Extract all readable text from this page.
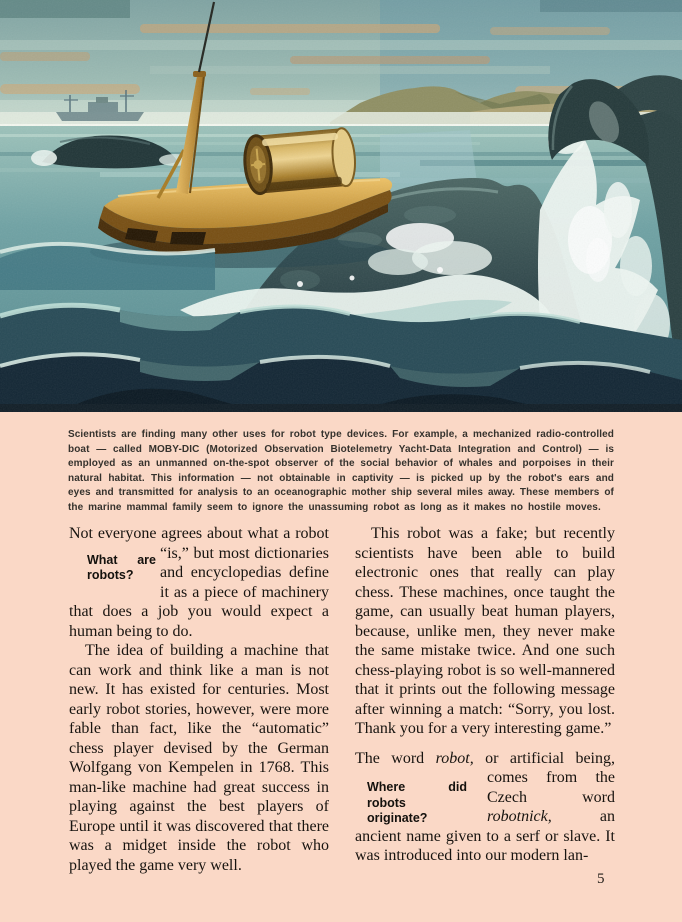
Scientists are finding many other uses for robot type devices. For example, a mechanized radio-controlled boat — called MOBY-DIC (Motorized Observation Biotelemetry Yacht-Data Integration and Control) — is employed as an unmanned on-the-spot observer of the social behavior of whales and porpoises in their natural habitat. This information — not obtainable in captivity — is picked up by the robot's ears and eyes and transmitted for analysis to an oceanographic mother ship several miles away. These members of the marine mammal family seem to ignore the unassuming robot as long as it makes no hostile moves.

Not everyone agrees about what a robot
What are robots?
“is,” but most dictionaries and encyclopedias define it as a piece of machinery that does a job you would expect a human being to do.

The idea of building a machine that can work and think like a man is not new. It has existed for centuries. Most early robot stories, however, were more fable than fact, like the “automatic” chess player devised by the German Wolfgang von Kempelen in 1768. This man-like machine had great success in playing against the best players of Europe until it was discovered that there was a midget inside the robot who played the game very well.

This robot was a fake; but recently scientists have been able to build electronic ones that really can play chess. These machines, once taught the game, can usually beat human players, because, unlike men, they never make the same mistake twice. And one such chess-playing robot is so well-mannered that it prints out the following message after winning a match: “Sorry, you lost. Thank you for a very interesting game.”

The word robot, or artificial being,
Where did robots originate?
comes from the Czech word robotnick, an ancient name given to a serf or slave. It was introduced into our modern lan-

5
